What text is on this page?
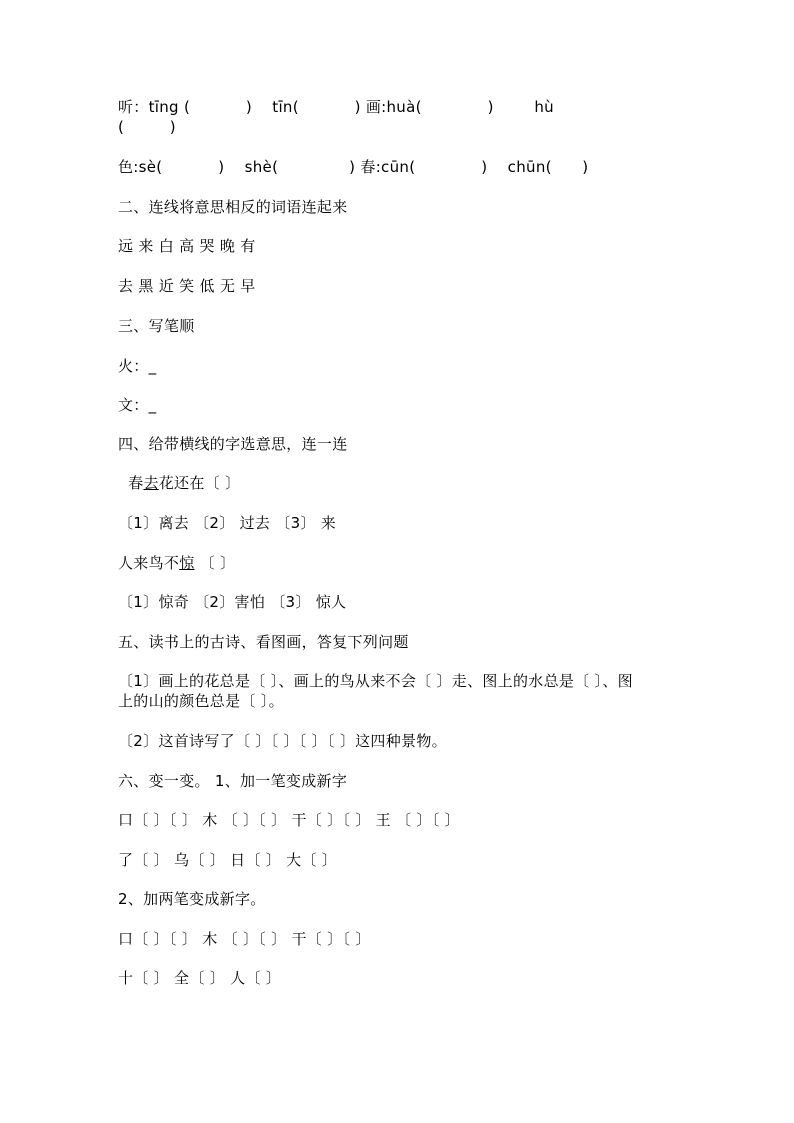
听：tīng (           )    tīn(           ) 画:huà(             )        hù
(         )
色:sè(           )    shè(              ) 春:cūn(             )    chūn(      )
二、连线将意思相反的词语连起来
远 来 白 高 哭 晚 有
去 黑 近 笑 低 无 早
三、写笔顺
火：_
文：_
四、给带横线的字选意思，连一连
春去花还在〔 〕
〔1〕离去 〔2〕 过去 〔3〕 来
人来鸟不惊 〔 〕
〔1〕惊奇 〔2〕害怕 〔3〕 惊人
五、读书上的古诗、看图画，答复下列问题
〔1〕画上的花总是〔 〕、画上的鸟从来不会〔 〕走、图上的水总是〔 〕、图
上的山的颜色总是〔 〕。
〔2〕这首诗写了〔 〕〔 〕〔 〕〔 〕这四种景物。
六、变一变。 1、加一笔变成新字
口〔 〕〔 〕 木 〔 〕〔 〕 干〔 〕〔 〕 王 〔 〕〔 〕
了〔 〕 乌〔 〕 日〔 〕 大〔 〕
2、加两笔变成新字。
口〔 〕〔 〕 木 〔 〕〔 〕 干〔 〕〔 〕
十〔 〕 全〔 〕 人〔 〕
